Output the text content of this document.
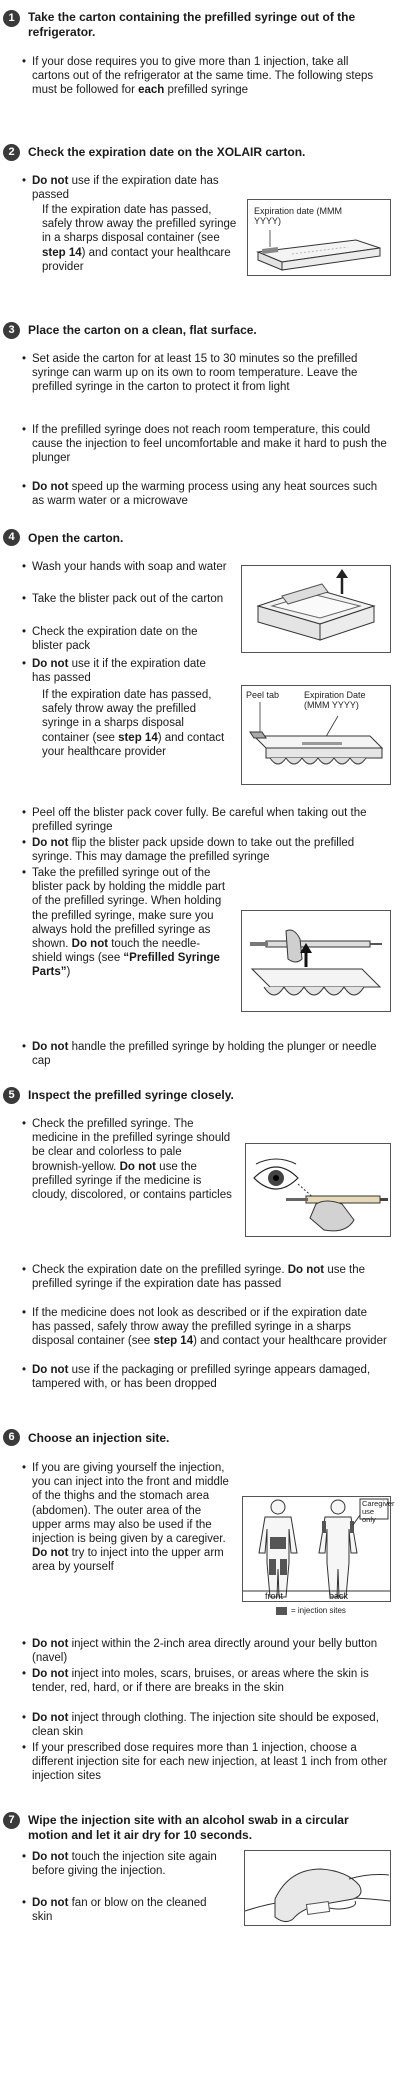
1	Take the carton containing the prefilled syringe out of the refrigerator.
• If your dose requires you to give more than 1 injection, take all cartons out of the refrigerator at the same time. The following steps must be followed for each prefilled syringe
2	Check the expiration date on the XOLAIR carton.
• Do not use if the expiration date has passed
If the expiration date has passed, safely throw away the prefilled syringe in a sharps disposal container (see step 14) and contact your healthcare provider
Expiration date (MMM YYYY)
3	Place the carton on a clean, flat surface.
• Set aside the carton for at least 15 to 30 minutes so the prefilled syringe can warm up on its own to room temperature. Leave the prefilled syringe in the carton to protect it from light
• If the prefilled syringe does not reach room temperature, this could cause the injection to feel uncomfortable and make it hard to push the plunger
• Do not speed up the warming process using any heat sources such as warm water or a microwave
4	Open the carton.
• Wash your hands with soap and water
• Take the blister pack out of the carton
• Check the expiration date on the blister pack
• Do not use it if the expiration date has passed
If the expiration date has passed, safely throw away the prefilled syringe in a sharps disposal container (see step 14) and contact your healthcare provider
• Peel off the blister pack cover fully. Be careful when taking out the prefilled syringe
• Do not flip the blister pack upside down to take out the prefilled syringe. This may damage the prefilled syringe
• Take the prefilled syringe out of the blister pack by holding the middle part of the prefilled syringe. When holding the prefilled syringe, make sure you always hold the prefilled syringe as shown. Do not touch the needle-shield wings (see “Prefilled Syringe Parts”)
• Do not handle the prefilled syringe by holding the plunger or needle cap
Peel tab	Expiration Date (MMM YYYY)
5	Inspect the prefilled syringe closely.
• Check the prefilled syringe. The medicine in the prefilled syringe should be clear and colorless to pale brownish-yellow. Do not use the prefilled syringe if the medicine is cloudy, discolored, or contains particles
• Check the expiration date on the prefilled syringe. Do not use the prefilled syringe if the expiration date has passed
• If the medicine does not look as described or if the expiration date has passed, safely throw away the prefilled syringe in a sharps disposal container (see step 14) and contact your healthcare provider
• Do not use if the packaging or prefilled syringe appears damaged, tampered with, or has been dropped
6	Choose an injection site.
• If you are giving yourself the injection, you can inject into the front and middle of the thighs and the stomach area (abdomen). The outer area of the upper arms may also be used if the injection is being given by a caregiver. Do not try to inject into the upper arm area by yourself
• Do not inject within the 2-inch area directly around your belly button (navel)
• Do not inject into moles, scars, bruises, or areas where the skin is tender, red, hard, or if there are breaks in the skin
• Do not inject through clothing. The injection site should be exposed, clean skin
• If your prescribed dose requires more than 1 injection, choose a different injection site for each new injection, at least 1 inch from other injection sites
Caregiver use only
front	back
= injection sites
7	Wipe the injection site with an alcohol swab in a circular motion and let it air dry for 10 seconds.
• Do not touch the injection site again before giving the injection.
• Do not fan or blow on the cleaned skin
